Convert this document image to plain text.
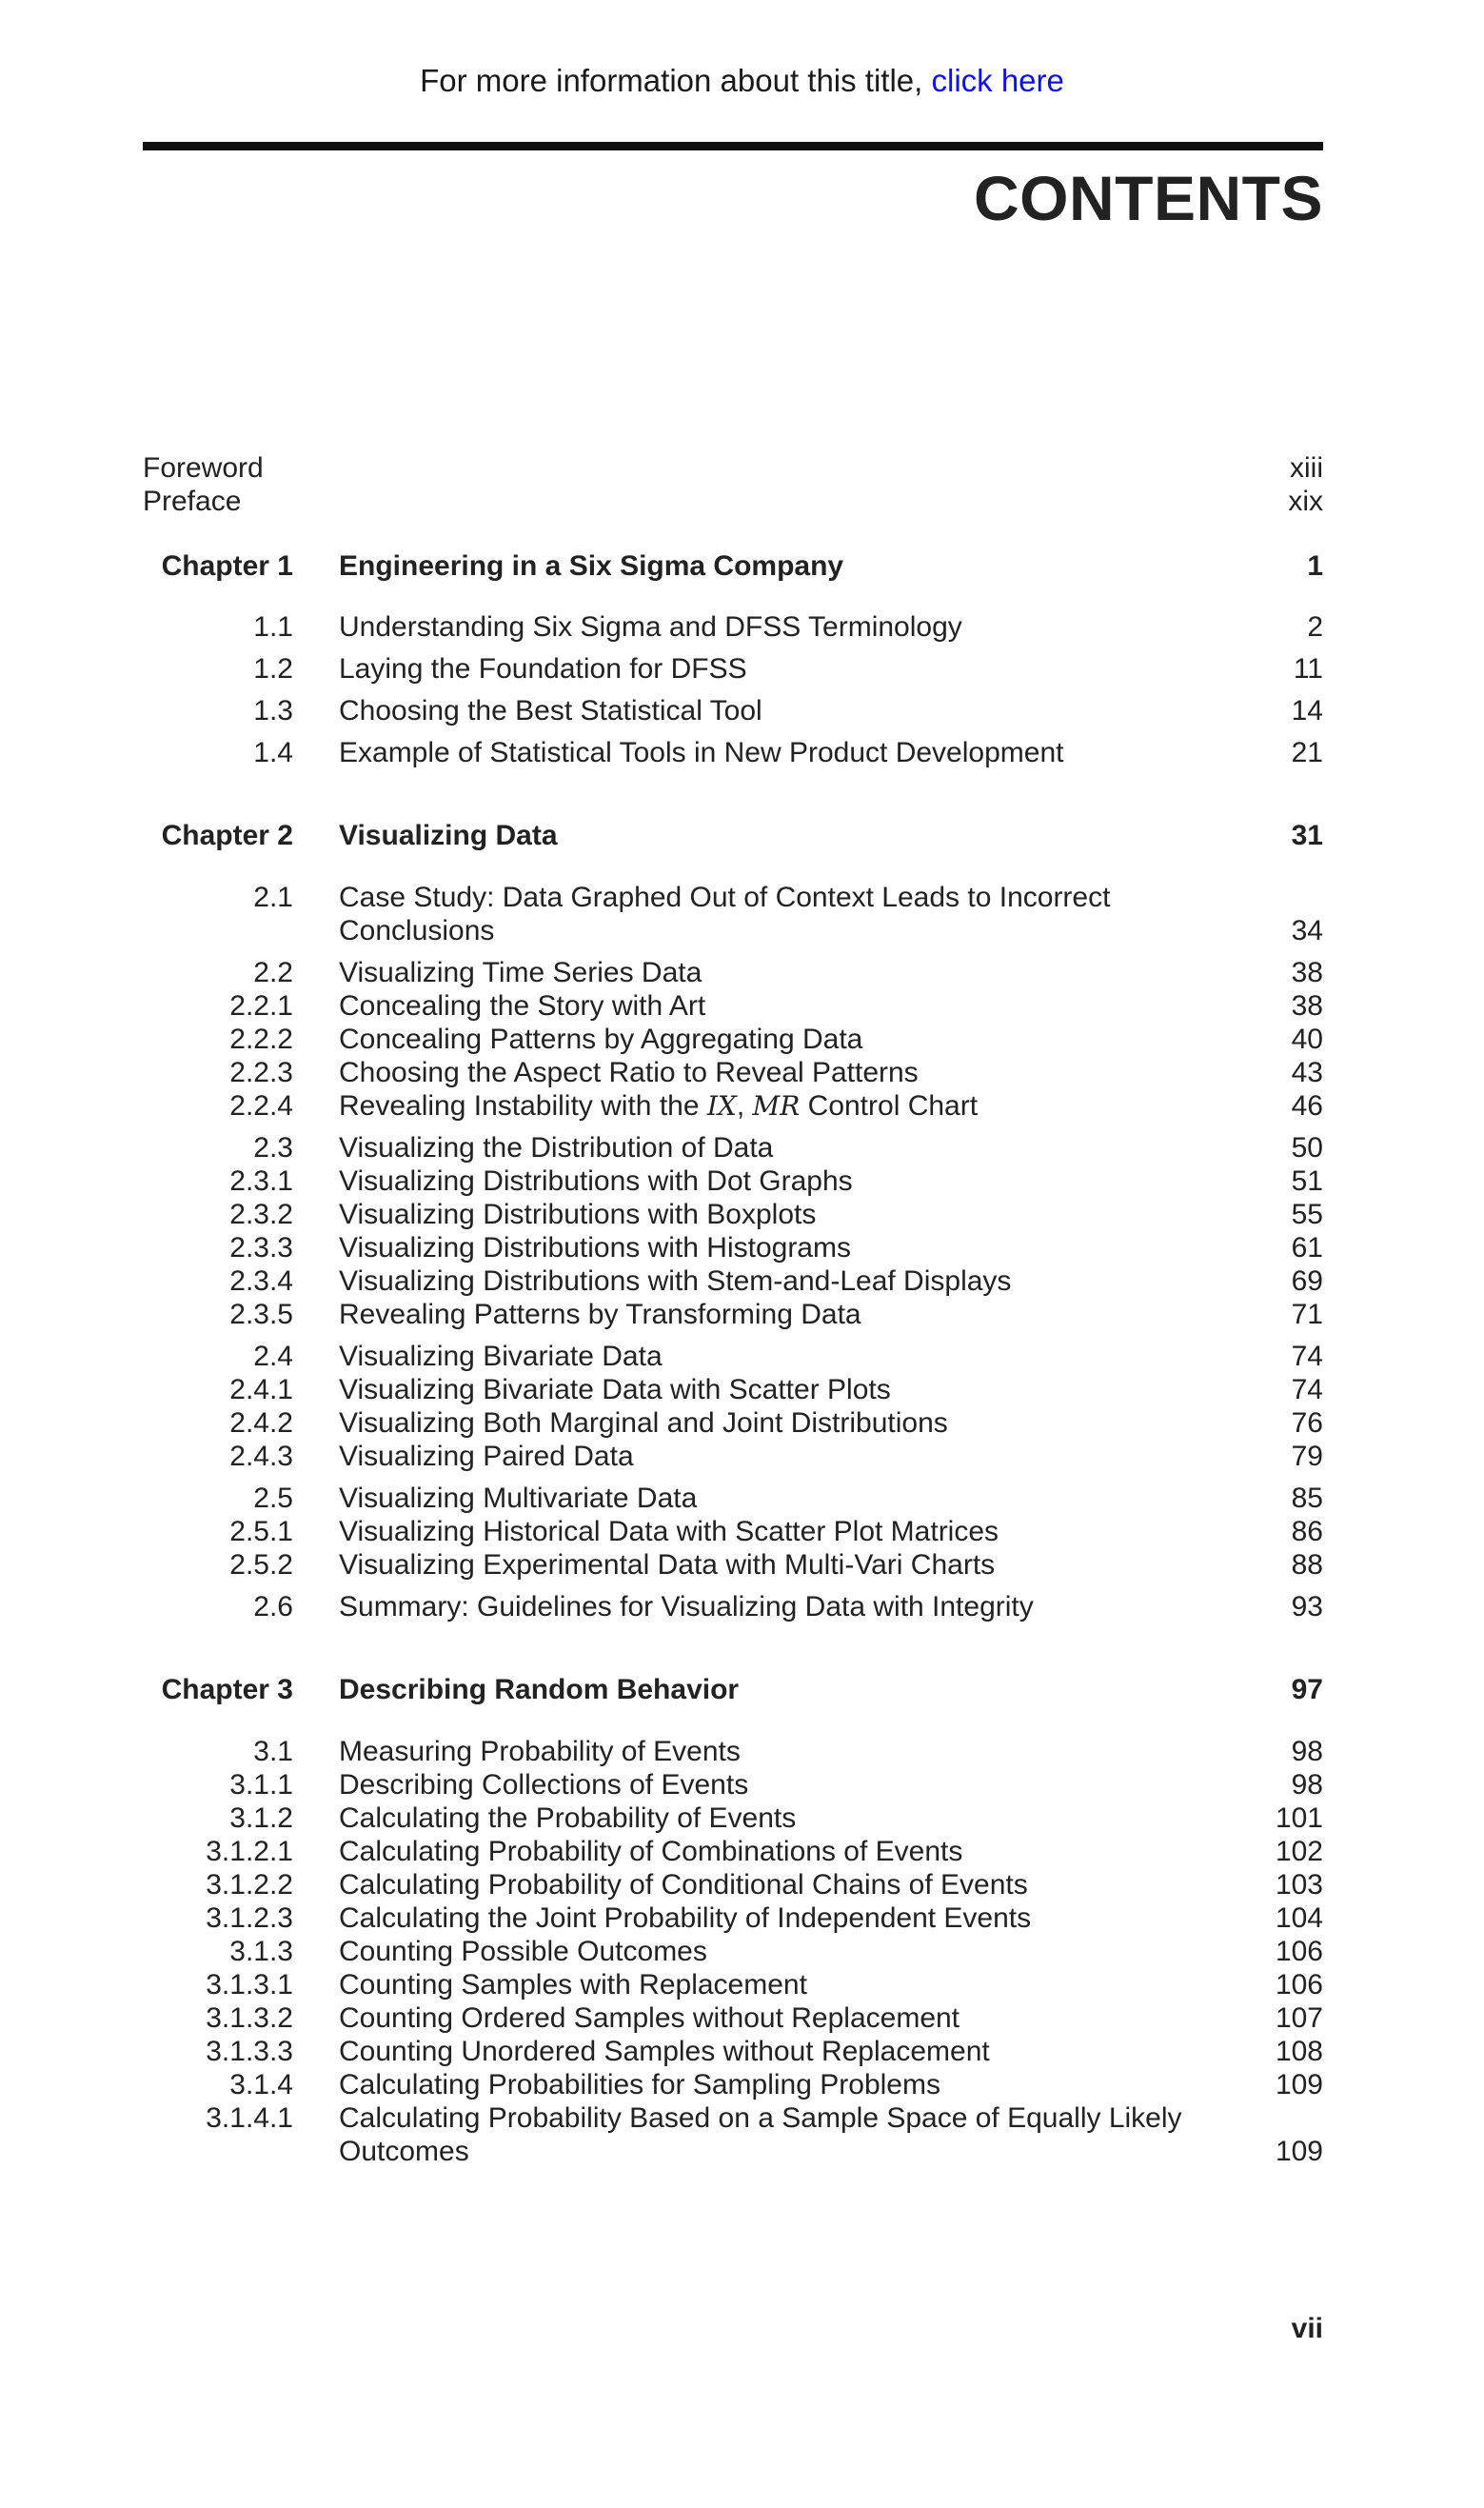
For more information about this title, click here
CONTENTS
Foreword	xiii
Preface	xix
Chapter 1 Engineering in a Six Sigma Company	1
1.1 Understanding Six Sigma and DFSS Terminology	2
1.2 Laying the Foundation for DFSS	11
1.3 Choosing the Best Statistical Tool	14
1.4 Example of Statistical Tools in New Product Development	21
Chapter 2 Visualizing Data	31
2.1 Case Study: Data Graphed Out of Context Leads to Incorrect
Conclusions	34
2.2 Visualizing Time Series Data	38
2.2.1 Concealing the Story with Art	38
2.2.2 Concealing Patterns by Aggregating Data	40
2.2.3 Choosing the Aspect Ratio to Reveal Patterns	43
2.2.4 Revealing Instability with the IX, MR Control Chart	46
2.3 Visualizing the Distribution of Data	50
2.3.1 Visualizing Distributions with Dot Graphs	51
2.3.2 Visualizing Distributions with Boxplots	55
2.3.3 Visualizing Distributions with Histograms	61
2.3.4 Visualizing Distributions with Stem-and-Leaf Displays	69
2.3.5 Revealing Patterns by Transforming Data	71
2.4 Visualizing Bivariate Data	74
2.4.1 Visualizing Bivariate Data with Scatter Plots	74
2.4.2 Visualizing Both Marginal and Joint Distributions	76
2.4.3 Visualizing Paired Data	79
2.5 Visualizing Multivariate Data	85
2.5.1 Visualizing Historical Data with Scatter Plot Matrices	86
2.5.2 Visualizing Experimental Data with Multi-Vari Charts	88
2.6 Summary: Guidelines for Visualizing Data with Integrity	93
Chapter 3 Describing Random Behavior	97
3.1 Measuring Probability of Events	98
3.1.1 Describing Collections of Events	98
3.1.2 Calculating the Probability of Events	101
3.1.2.1 Calculating Probability of Combinations of Events	102
3.1.2.2 Calculating Probability of Conditional Chains of Events	103
3.1.2.3 Calculating the Joint Probability of Independent Events	104
3.1.3 Counting Possible Outcomes	106
3.1.3.1 Counting Samples with Replacement	106
3.1.3.2 Counting Ordered Samples without Replacement	107
3.1.3.3 Counting Unordered Samples without Replacement	108
3.1.4 Calculating Probabilities for Sampling Problems	109
3.1.4.1 Calculating Probability Based on a Sample Space of Equally Likely
Outcomes	109
vii
